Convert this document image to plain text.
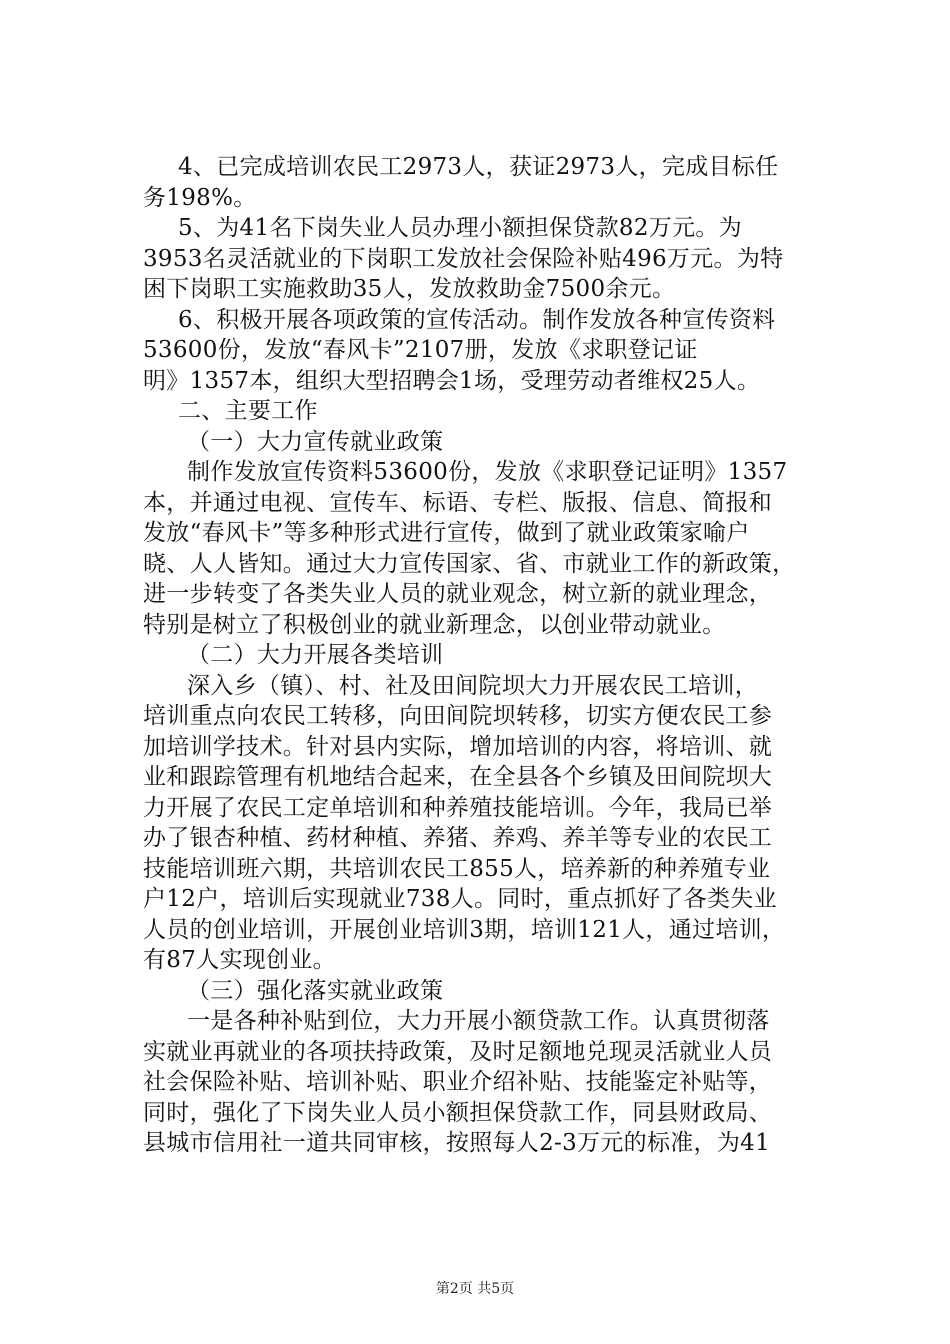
4、已完成培训农民工2973人，获证2973人，完成目标任
务198%。
5、为41名下岗失业人员办理小额担保贷款82万元。为
3953名灵活就业的下岗职工发放社会保险补贴496万元。为特
困下岗职工实施救助35人，发放救助金7500余元。
6、积极开展各项政策的宣传活动。制作发放各种宣传资料
53600份，发放“春风卡”2107册，发放《求职登记证
明》1357本，组织大型招聘会1场，受理劳动者维权25人。
二、主要工作
（一）大力宣传就业政策
制作发放宣传资料53600份，发放《求职登记证明》1357
本，并通过电视、宣传车、标语、专栏、版报、信息、简报和
发放“春风卡”等多种形式进行宣传，做到了就业政策家喻户
晓、人人皆知。通过大力宣传国家、省、市就业工作的新政策，
进一步转变了各类失业人员的就业观念，树立新的就业理念，
特别是树立了积极创业的就业新理念，以创业带动就业。
（二）大力开展各类培训
深入乡（镇）、村、社及田间院坝大力开展农民工培训，
培训重点向农民工转移，向田间院坝转移，切实方便农民工参
加培训学技术。针对县内实际，增加培训的内容，将培训、就
业和跟踪管理有机地结合起来，在全县各个乡镇及田间院坝大
力开展了农民工定单培训和种养殖技能培训。今年，我局已举
办了银杏种植、药材种植、养猪、养鸡、养羊等专业的农民工
技能培训班六期，共培训农民工855人，培养新的种养殖专业
户12户，培训后实现就业738人。同时，重点抓好了各类失业
人员的创业培训，开展创业培训3期，培训121人，通过培训，
有87人实现创业。
（三）强化落实就业政策
一是各种补贴到位，大力开展小额贷款工作。认真贯彻落
实就业再就业的各项扶持政策，及时足额地兑现灵活就业人员
社会保险补贴、培训补贴、职业介绍补贴、技能鉴定补贴等，
同时，强化了下岗失业人员小额担保贷款工作，同县财政局、
县城市信用社一道共同审核，按照每人2-3万元的标准，为41
第2页 共5页
